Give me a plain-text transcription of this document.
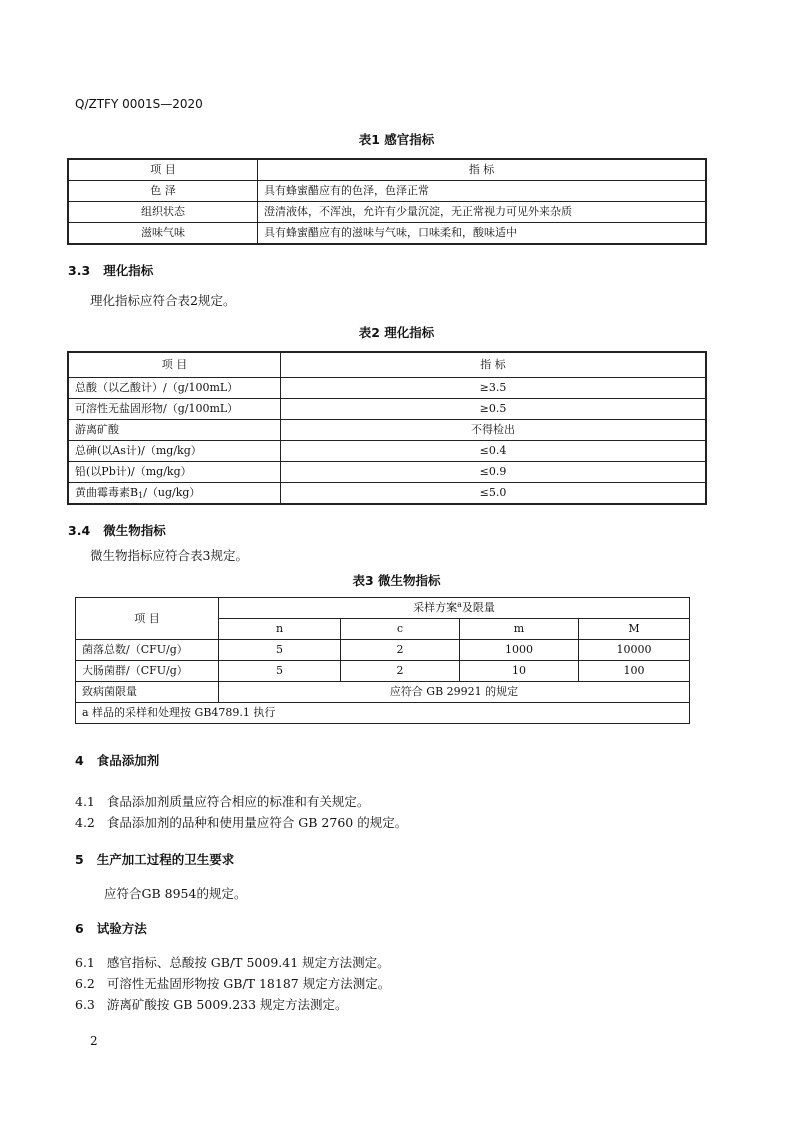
Q/ZTFY 0001S—2020
表1 感官指标
项 目	指 标
色 泽	具有蜂蜜醋应有的色泽，色泽正常
组织状态	澄清液体，不浑浊，允许有少量沉淀，无正常视力可见外来杂质
滋味气味	具有蜂蜜醋应有的滋味与气味，口味柔和，酸味适中
3.3 理化指标
理化指标应符合表2规定。
表2 理化指标
项 目	指 标
总酸（以乙酸计）/（g/100mL）	≥3.5
可溶性无盐固形物/（g/100mL）	≥0.5
游离矿酸	不得检出
总砷(以As计)/（mg/kg）	≤0.4
铅(以Pb计)/（mg/kg）	≤0.9
黄曲霉毒素$B_1/(ug/kg)$	≤5.0
3.4 微生物指标
微生物指标应符合表3规定。
表3 微生物指标
项 目	采样方案$^a$及限量			
	n	c	m	M
菌落总数/（CFU/g）	5	2	1000	10000
大肠菌群/（CFU/g）	5	2	10	100
致病菌限量	应符合 GB 29921 的规定			
a 样品的采样和处理按 GB4789.1 执行				
4 食品添加剂
4.1 食品添加剂质量应符合相应的标准和有关规定。
4.2 食品添加剂的品种和使用量应符合 GB 2760 的规定。
5 生产加工过程的卫生要求
应符合GB 8954的规定。
6 试验方法
6.1 感官指标、总酸按 GB/T 5009.41 规定方法测定。
6.2 可溶性无盐固形物按 GB/T 18187 规定方法测定。
6.3 游离矿酸按 GB 5009.233 规定方法测定。
2
